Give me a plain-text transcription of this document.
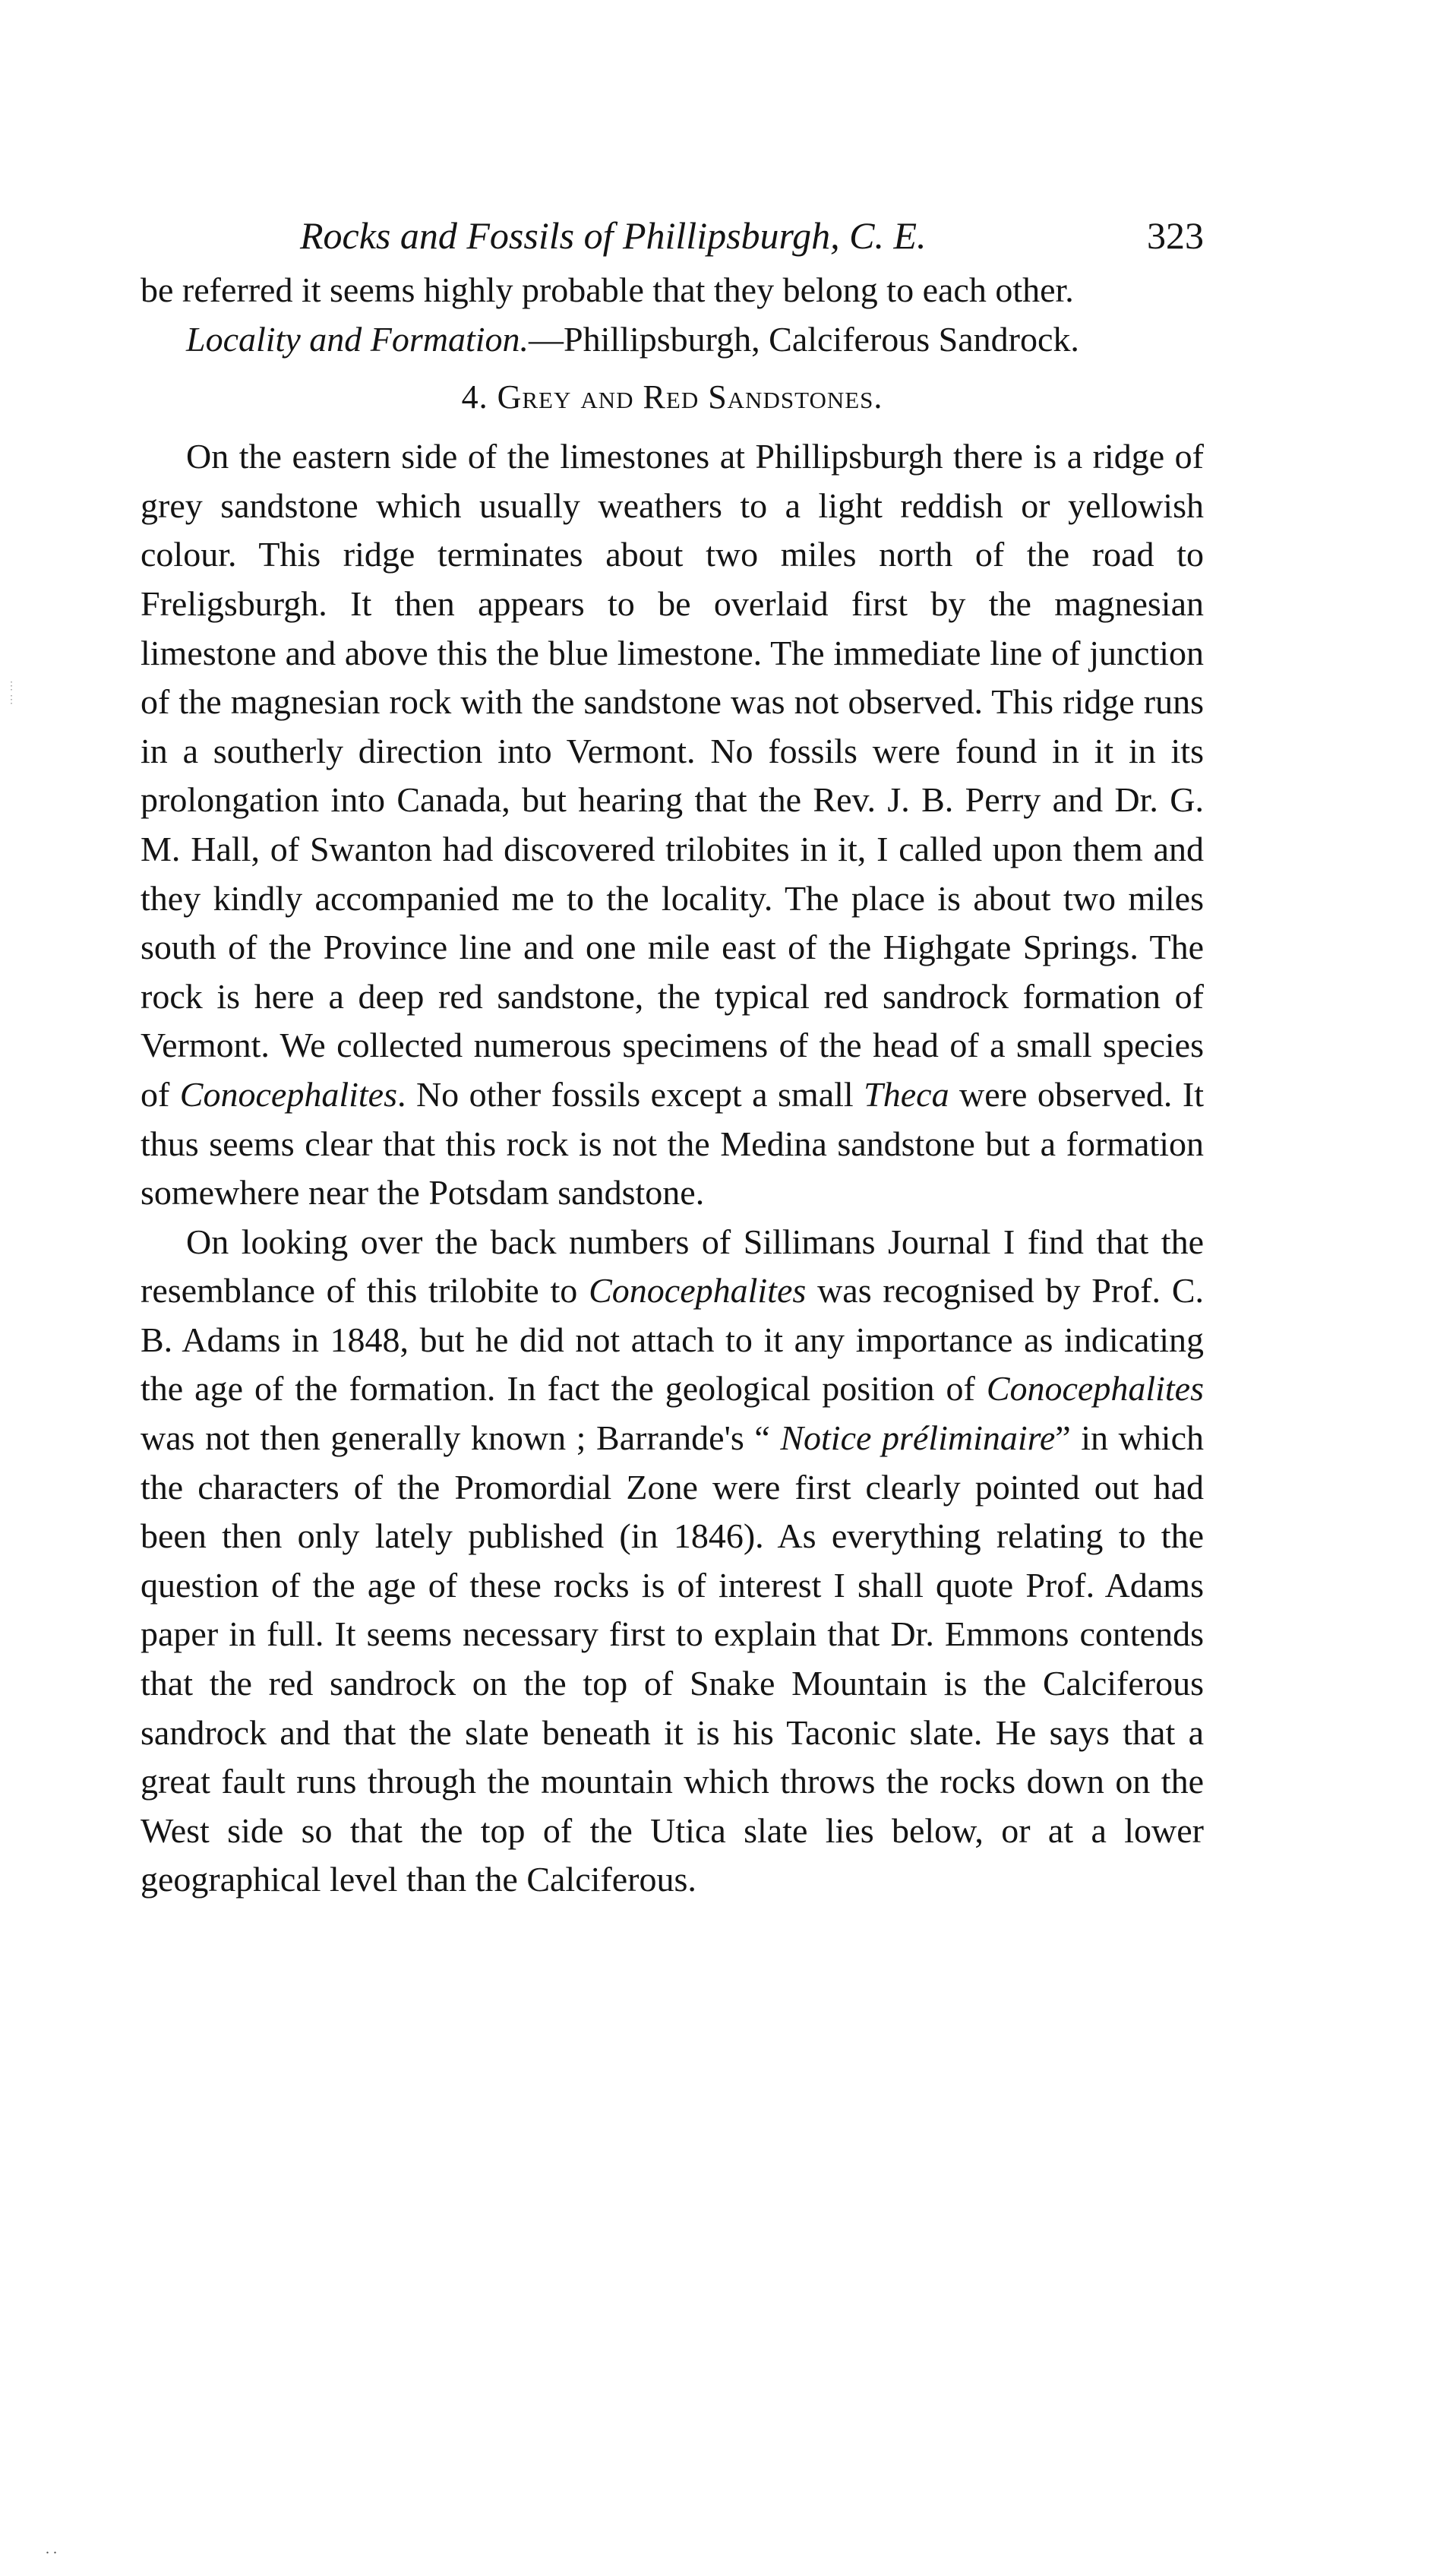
Rocks and Fossils of Phillipsburgh, C. E.	323

be referred it seems highly probable that they belong to each other.

Locality and Formation.—Phillipsburgh, Calciferous Sandrock.

4. Grey and Red Sandstones.

On the eastern side of the limestones at Phillipsburgh there is a ridge of grey sandstone which usually weathers to a light reddish or yellowish colour. This ridge terminates about two miles north of the road to Freligsburgh. It then appears to be overlaid first by the magnesian limestone and above this the blue limestone. The immediate line of junction of the magnesian rock with the sandstone was not observed. This ridge runs in a southerly direction into Vermont. No fossils were found in it in its prolongation into Canada, but hearing that the Rev. J. B. Perry and Dr. G. M. Hall, of Swanton had discovered trilobites in it, I called upon them and they kindly accompanied me to the locality. The place is about two miles south of the Province line and one mile east of the Highgate Springs. The rock is here a deep red sandstone, the typical red sandrock formation of Vermont. We collected numerous specimens of the head of a small species of Conocephalites. No other fossils except a small Theca were observed. It thus seems clear that this rock is not the Medina sandstone but a formation somewhere near the Potsdam sandstone.

On looking over the back numbers of Sillimans Journal I find that the resemblance of this trilobite to Conocephalites was recognised by Prof. C. B. Adams in 1848, but he did not attach to it any importance as indicating the age of the formation. In fact the geological position of Conocephalites was not then generally known ; Barrande's “ Notice préliminaire” in which the characters of the Promordial Zone were first clearly pointed out had been then only lately published (in 1846). As everything relating to the question of the age of these rocks is of interest I shall quote Prof. Adams paper in full. It seems necessary first to explain that Dr. Emmons contends that the red sandrock on the top of Snake Mountain is the Calciferous sandrock and that the slate beneath it is his Taconic slate. He says that a great fault runs through the mountain which throws the rocks down on the West side so that the top of the Utica slate lies below, or at a lower geographical level than the Calciferous.

⋮
⋮
. .
